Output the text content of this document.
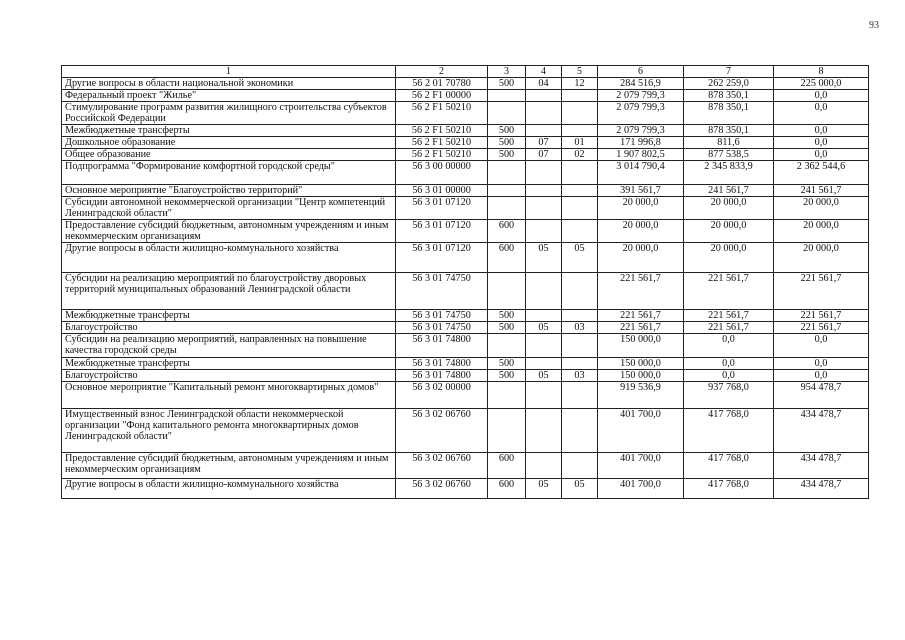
93
1	2	3	4	5	6	7	8
Другие вопросы в области национальной экономики	56 2 01 70780	500	04	12	284 516,9	262 259,0	225 000,0
Федеральный проект "Жилье"	56 2 F1 00000				2 079 799,3	878 350,1	0,0
Стимулирование программ развития жилищного строительства субъектов Российской Федерации	56 2 F1 50210				2 079 799,3	878 350,1	0,0
Межбюджетные трансферты	56 2 F1 50210	500			2 079 799,3	878 350,1	0,0
Дошкольное образование	56 2 F1 50210	500	07	01	171 996,8	811,6	0,0
Общее образование	56 2 F1 50210	500	07	02	1 907 802,5	877 538,5	0,0
Подпрограмма "Формирование комфортной городской среды"	56 3 00 00000				3 014 790,4	2 345 833,9	2 362 544,6
Основное мероприятие "Благоустройство территорий"	56 3 01 00000				391 561,7	241 561,7	241 561,7
Субсидии автономной некоммерческой организации "Центр компетенций Ленинградской области"	56 3 01 07120				20 000,0	20 000,0	20 000,0
Предоставление субсидий бюджетным, автономным учреждениям и иным некоммерческим организациям	56 3 01 07120	600			20 000,0	20 000,0	20 000,0
Другие вопросы в области жилищно-коммунального хозяйства	56 3 01 07120	600	05	05	20 000,0	20 000,0	20 000,0
Субсидии на реализацию мероприятий по благоустройству дворовых территорий муниципальных образований Ленинградской области	56 3 01 74750				221 561,7	221 561,7	221 561,7
Межбюджетные трансферты	56 3 01 74750	500			221 561,7	221 561,7	221 561,7
Благоустройство	56 3 01 74750	500	05	03	221 561,7	221 561,7	221 561,7
Субсидии на реализацию мероприятий, направленных на повышение качества городской среды	56 3 01 74800				150 000,0	0,0	0,0
Межбюджетные трансферты	56 3 01 74800	500			150 000,0	0,0	0,0
Благоустройство	56 3 01 74800	500	05	03	150 000,0	0,0	0,0
Основное мероприятие "Капитальный ремонт многоквартирных домов"	56 3 02 00000				919 536,9	937 768,0	954 478,7
Имущественный взнос Ленинградской области некоммерческой организации "Фонд капитального ремонта многоквартирных домов Ленинградской области"	56 3 02 06760				401 700,0	417 768,0	434 478,7
Предоставление субсидий бюджетным, автономным учреждениям и иным некоммерческим организациям	56 3 02 06760	600			401 700,0	417 768,0	434 478,7
Другие вопросы в области жилищно-коммунального хозяйства	56 3 02 06760	600	05	05	401 700,0	417 768,0	434 478,7
